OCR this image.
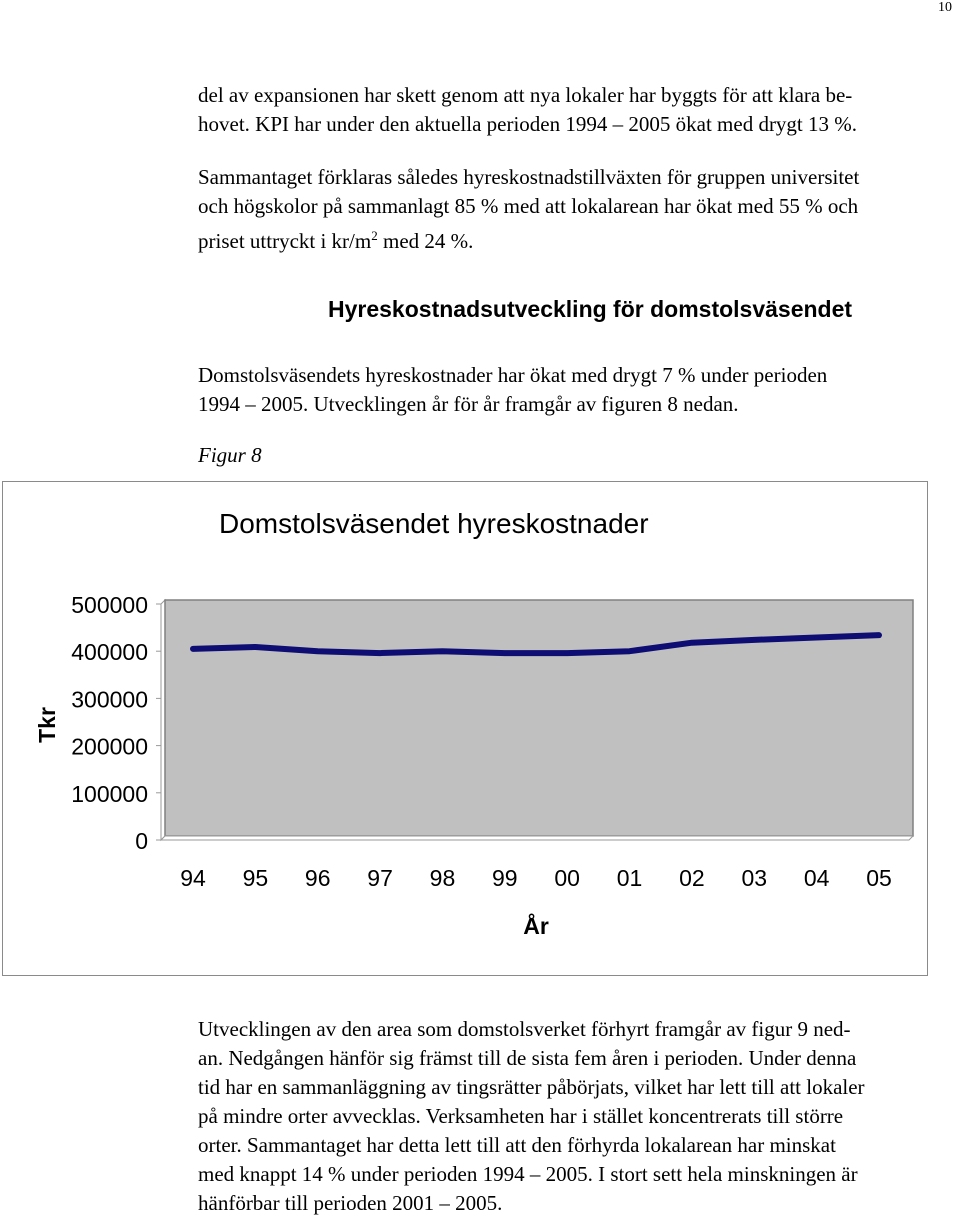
10

del av expansionen har skett genom att nya lokaler har byggts för att klara be-
hovet. KPI har under den aktuella perioden 1994 – 2005 ökat med drygt 13 %.

Sammantaget förklaras således hyreskostnadstillväxten för gruppen universitet
och högskolor på sammanlagt 85 % med att lokalarean har ökat med 55 % och
priset uttryckt i $kr/m^2$ med 24 %.

Hyreskostnadsutveckling för domstolsväsendet

Domstolsväsendets hyreskostnader har ökat med drygt 7 % under perioden
1994 – 2005. Utvecklingen år för år framgår av figuren 8 nedan.

Figur 8
Domstolsväsendet hyreskostnader
0
100000
200000
300000
400000
500000
94 95 96 97 98 99 00 01 02 03 04 05
År
Tkr

Utvecklingen av den area som domstolsverket förhyrt framgår av figur 9 ned-
an. Nedgången hänför sig främst till de sista fem åren i perioden. Under denna
tid har en sammanläggning av tingsrätter påbörjats, vilket har lett till att lokaler
på mindre orter avvecklas. Verksamheten har i stället koncentrerats till större
orter. Sammantaget har detta lett till att den förhyrda lokalarean har minskat
med knappt 14 % under perioden 1994 – 2005. I stort sett hela minskningen är
hänförbar till perioden 2001 – 2005.
